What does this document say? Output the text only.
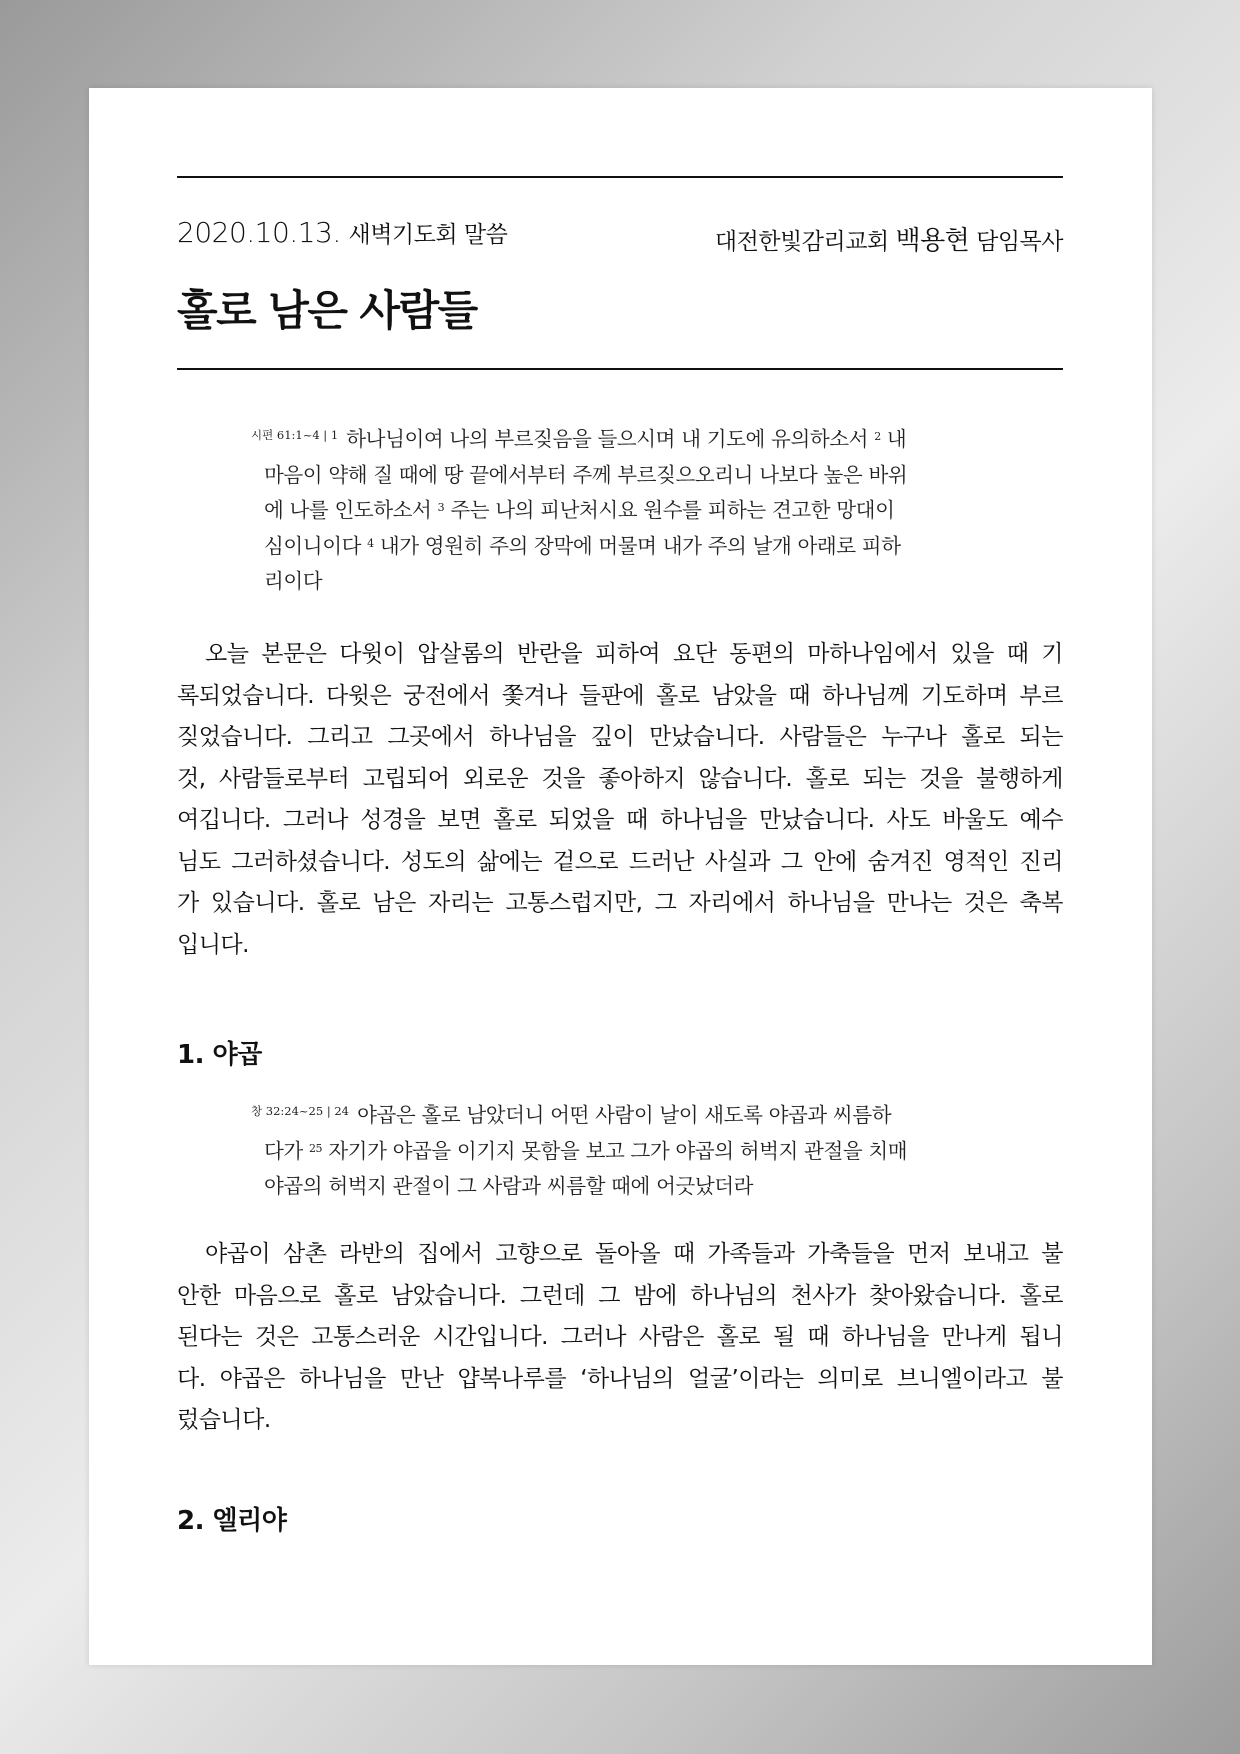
2020.10.13. 새벽기도회 말씀	대전한빛감리교회 백용현 담임목사
홀로 남은 사람들
$^{시편 61:1\sim 4 | 1}$ 하나님이여 나의 부르짖음을 들으시며 내 기도에 유의하소서 $^2$ 내
마음이 약해 질 때에 땅 끝에서부터 주께 부르짖으오리니 나보다 높은 바위
에 나를 인도하소서 $^3$ 주는 나의 피난처시요 원수를 피하는 견고한 망대이
심이니이다 $^4$ 내가 영원히 주의 장막에 머물며 내가 주의 날개 아래로 피하
리이다
오늘 본문은 다윗이 압살롬의 반란을 피하여 요단 동편의 마하나임에서 있을 때 기
록되었습니다. 다윗은 궁전에서 쫓겨나 들판에 홀로 남았을 때 하나님께 기도하며 부르
짖었습니다. 그리고 그곳에서 하나님을 깊이 만났습니다. 사람들은 누구나 홀로 되는
것, 사람들로부터 고립되어 외로운 것을 좋아하지 않습니다. 홀로 되는 것을 불행하게
여깁니다. 그러나 성경을 보면 홀로 되었을 때 하나님을 만났습니다. 사도 바울도 예수
님도 그러하셨습니다. 성도의 삶에는 겉으로 드러난 사실과 그 안에 숨겨진 영적인 진리
가 있습니다. 홀로 남은 자리는 고통스럽지만, 그 자리에서 하나님을 만나는 것은 축복
입니다.
1. 야곱
$^{창 32:24\sim 25 | 24}$ 야곱은 홀로 남았더니 어떤 사람이 날이 새도록 야곱과 씨름하
다가 $^{25}$ 자기가 야곱을 이기지 못함을 보고 그가 야곱의 허벅지 관절을 치매
야곱의 허벅지 관절이 그 사람과 씨름할 때에 어긋났더라
야곱이 삼촌 라반의 집에서 고향으로 돌아올 때 가족들과 가축들을 먼저 보내고 불
안한 마음으로 홀로 남았습니다. 그런데 그 밤에 하나님의 천사가 찾아왔습니다. 홀로
된다는 것은 고통스러운 시간입니다. 그러나 사람은 홀로 될 때 하나님을 만나게 됩니
다. 야곱은 하나님을 만난 얍복나루를 ‘하나님의 얼굴’이라는 의미로 브니엘이라고 불
렀습니다.
2. 엘리야
